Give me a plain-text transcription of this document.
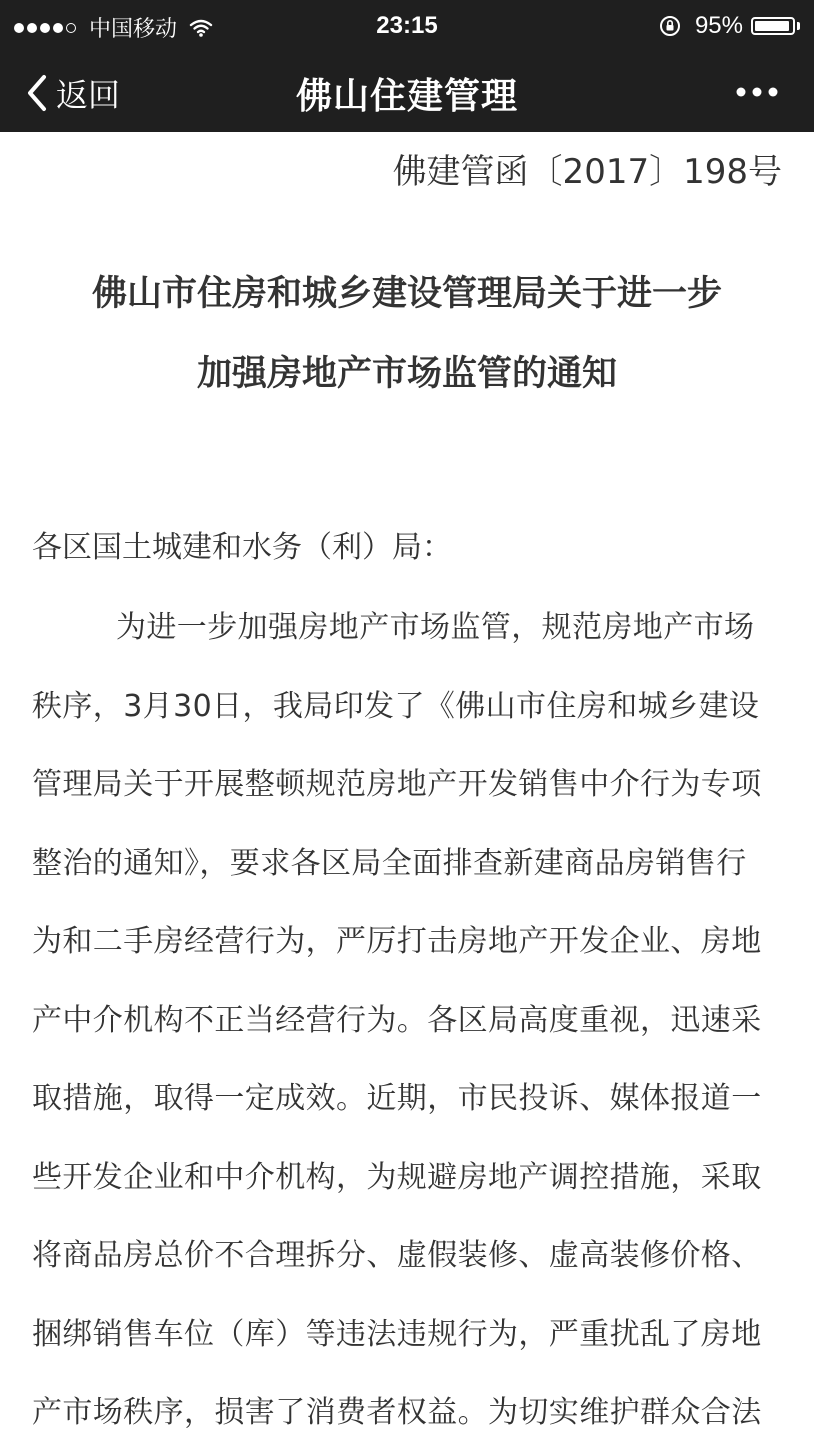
中国移动	23:15	95%
返回	佛山住建管理
佛建管函〔2017〕198号
佛山市住房和城乡建设管理局关于进一步
加强房地产市场监管的通知
各区国土城建和水务（利）局：
为进一步加强房地产市场监管，规范房地产市场
秩序，3月30日，我局印发了《佛山市住房和城乡建设
管理局关于开展整顿规范房地产开发销售中介行为专项
整治的通知》，要求各区局全面排查新建商品房销售行
为和二手房经营行为，严厉打击房地产开发企业、房地
产中介机构不正当经营行为。各区局高度重视，迅速采
取措施，取得一定成效。近期，市民投诉、媒体报道一
些开发企业和中介机构，为规避房地产调控措施，采取
将商品房总价不合理拆分、虚假装修、虚高装修价格、
捆绑销售车位（库）等违法违规行为，严重扰乱了房地
产市场秩序，损害了消费者权益。为切实维护群众合法
